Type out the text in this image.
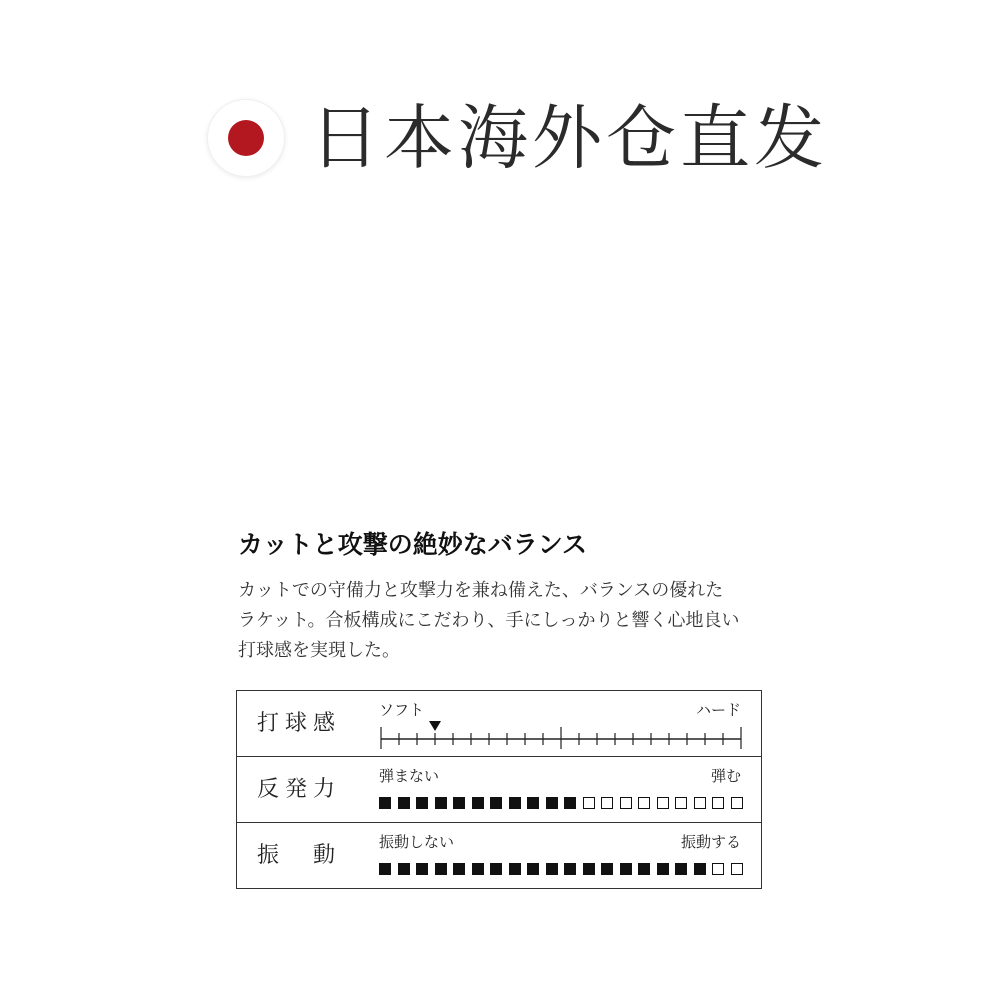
日本海外仓直发
カットと攻撃の絶妙なバランス
カットでの守備力と攻撃力を兼ね備えた、バランスの優れた
ラケット。合板構成にこだわり、手にしっかりと響く心地良い
打球感を実現した。
打球感
ソフト	ハード
反発力
弾まない	弾む
振　動
振動しない	振動する
